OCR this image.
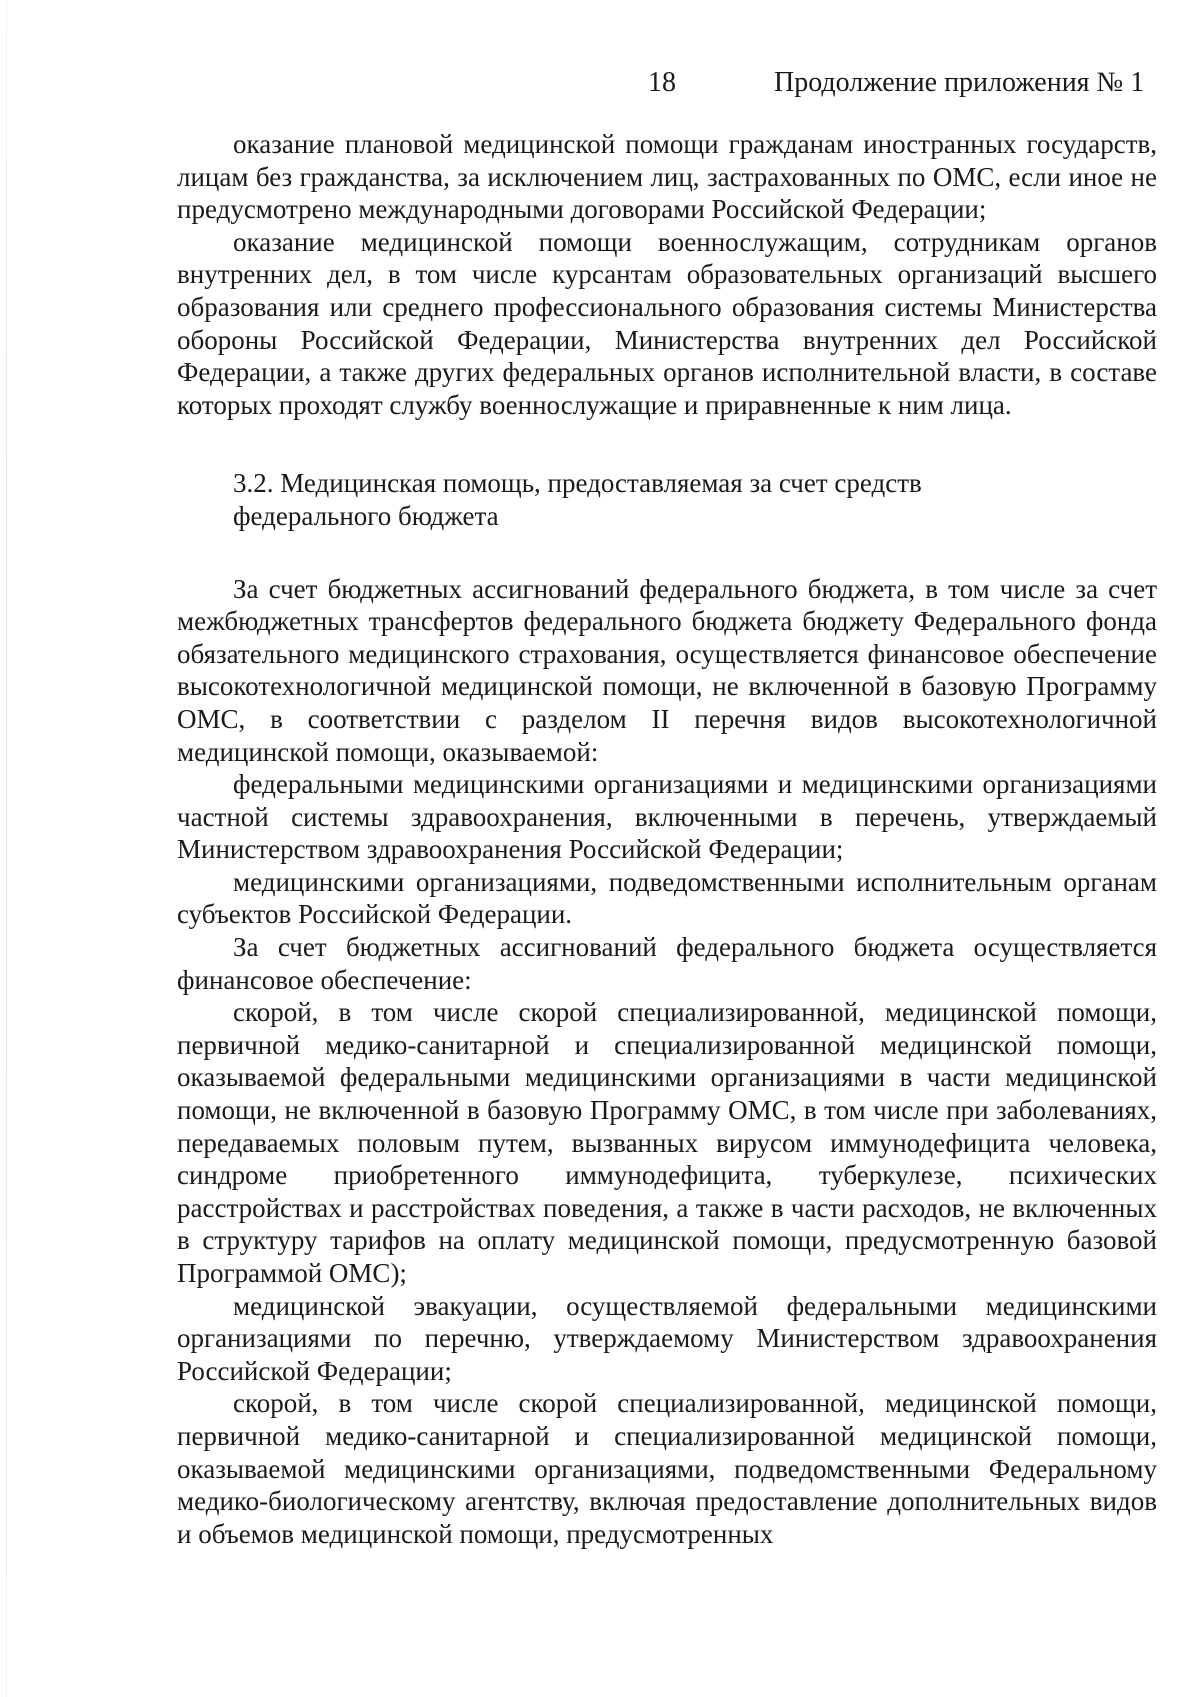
18	Продолжение приложения № 1

оказание плановой медицинской помощи гражданам иностранных государств, лицам без гражданства, за исключением лиц, застрахованных по ОМС, если иное не предусмотрено международными договорами Российской Федерации;

оказание медицинской помощи военнослужащим, сотрудникам органов внутренних дел, в том числе курсантам образовательных организаций высшего образования или среднего профессионального образования системы Министерства обороны Российской Федерации, Министерства внутренних дел Российской Федерации, а также других федеральных органов исполнительной власти, в составе которых проходят службу военнослужащие и приравненные к ним лица.

3.2. Медицинская помощь, предоставляемая за счет средств

федерального бюджета

За счет бюджетных ассигнований федерального бюджета, в том числе за счет межбюджетных трансфертов федерального бюджета бюджету Федерального фонда обязательного медицинского страхования, осуществляется финансовое обеспечение высокотехнологичной медицинской помощи, не включенной в базовую Программу ОМС, в соответствии с разделом II перечня видов высокотехнологичной медицинской помощи, оказываемой:

федеральными медицинскими организациями и медицинскими организациями частной системы здравоохранения, включенными в перечень, утверждаемый Министерством здравоохранения Российской Федерации;

медицинскими организациями, подведомственными исполнительным органам субъектов Российской Федерации.

За счет бюджетных ассигнований федерального бюджета осуществляется финансовое обеспечение:

скорой, в том числе скорой специализированной, медицинской помощи, первичной медико-санитарной и специализированной медицинской помощи, оказываемой федеральными медицинскими организациями в части медицинской помощи, не включенной в базовую Программу ОМС, в том числе при заболеваниях, передаваемых половым путем, вызванных вирусом иммунодефицита человека, синдроме приобретенного иммунодефицита, туберкулезе, психических расстройствах и расстройствах поведения, а также в части расходов, не включенных в структуру тарифов на оплату медицинской помощи, предусмотренную базовой Программой ОМС);

медицинской эвакуации, осуществляемой федеральными медицинскими организациями по перечню, утверждаемому Министерством здравоохранения Российской Федерации;

скорой, в том числе скорой специализированной, медицинской помощи, первичной медико-санитарной и специализированной медицинской помощи, оказываемой медицинскими организациями, подведомственными Федеральному медико-биологическому агентству, включая предоставление дополнительных видов и объемов медицинской помощи, предусмотренных
